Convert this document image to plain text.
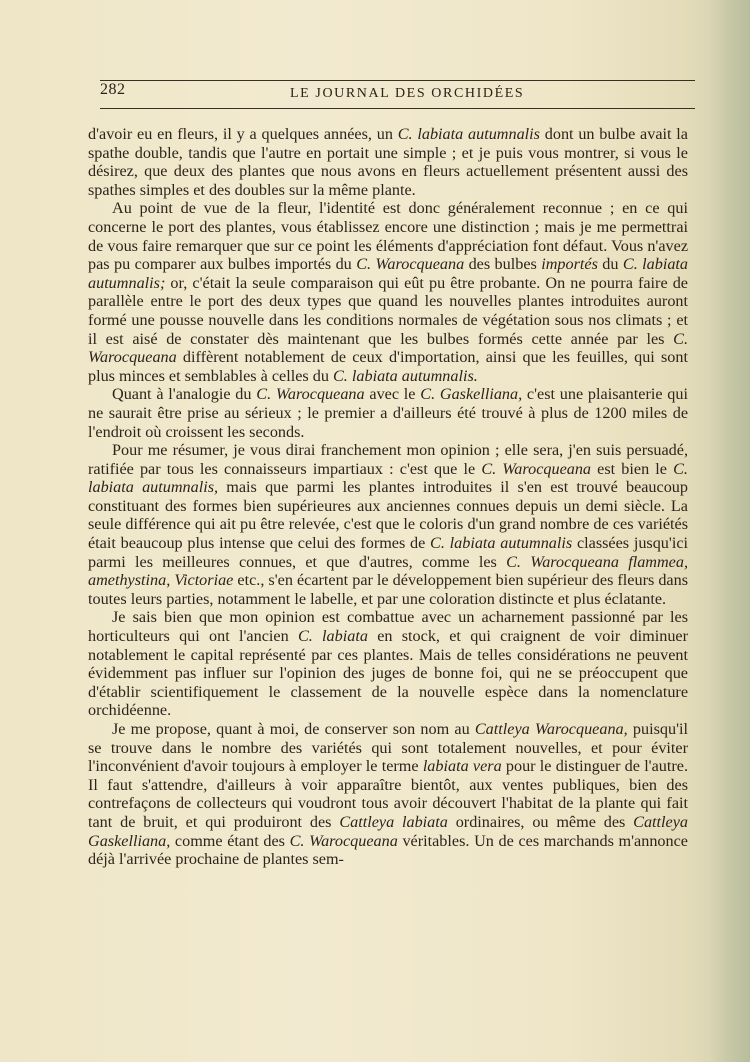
282	LE JOURNAL DES ORCHIDÉES

d'avoir eu en fleurs, il y a quelques années, un C. labiata autumnalis dont un bulbe avait la spathe double, tandis que l'autre en portait une simple ; et je puis vous montrer, si vous le désirez, que deux des plantes que nous avons en fleurs actuellement présentent aussi des spathes simples et des doubles sur la même plante.

Au point de vue de la fleur, l'identité est donc généralement reconnue ; en ce qui concerne le port des plantes, vous établissez encore une distinction ; mais je me permettrai de vous faire remarquer que sur ce point les éléments d'appréciation font défaut. Vous n'avez pas pu comparer aux bulbes importés du C. Warocqueana des bulbes importés du C. labiata autumnalis; or, c'était la seule comparaison qui eût pu être probante. On ne pourra faire de parallèle entre le port des deux types que quand les nouvelles plantes introduites auront formé une pousse nouvelle dans les conditions normales de végétation sous nos climats ; et il est aisé de constater dès maintenant que les bulbes formés cette année par les C. Warocqueana diffèrent notablement de ceux d'importation, ainsi que les feuilles, qui sont plus minces et semblables à celles du C. labiata autumnalis.

Quant à l'analogie du C. Warocqueana avec le C. Gaskelliana, c'est une plaisanterie qui ne saurait être prise au sérieux ; le premier a d'ailleurs été trouvé à plus de 1200 miles de l'endroit où croissent les seconds.

Pour me résumer, je vous dirai franchement mon opinion ; elle sera, j'en suis persuadé, ratifiée par tous les connaisseurs impartiaux : c'est que le C. Warocqueana est bien le C. labiata autumnalis, mais que parmi les plantes introduites il s'en est trouvé beaucoup constituant des formes bien supérieures aux anciennes connues depuis un demi siècle. La seule différence qui ait pu être relevée, c'est que le coloris d'un grand nombre de ces variétés était beaucoup plus intense que celui des formes de C. labiata autumnalis classées jusqu'ici parmi les meilleures connues, et que d'autres, comme les C. Warocqueana flammea, amethystina, Victoriae etc., s'en écartent par le développement bien supérieur des fleurs dans toutes leurs parties, notamment le labelle, et par une coloration distincte et plus éclatante.

Je sais bien que mon opinion est combattue avec un acharnement passionné par les horticulteurs qui ont l'ancien C. labiata en stock, et qui craignent de voir diminuer notablement le capital représenté par ces plantes. Mais de telles considérations ne peuvent évidemment pas influer sur l'opinion des juges de bonne foi, qui ne se préoccupent que d'établir scientifiquement le classement de la nouvelle espèce dans la nomenclature orchidéenne.

Je me propose, quant à moi, de conserver son nom au Cattleya Warocqueana, puisqu'il se trouve dans le nombre des variétés qui sont totalement nouvelles, et pour éviter l'inconvénient d'avoir toujours à employer le terme labiata vera pour le distinguer de l'autre. Il faut s'attendre, d'ailleurs à voir apparaître bientôt, aux ventes publiques, bien des contrefaçons de collecteurs qui voudront tous avoir découvert l'habitat de la plante qui fait tant de bruit, et qui produiront des Cattleya labiata ordinaires, ou même des Cattleya Gaskelliana, comme étant des C. Warocqueana véritables. Un de ces marchands m'annonce déjà l'arrivée prochaine de plantes sem-
